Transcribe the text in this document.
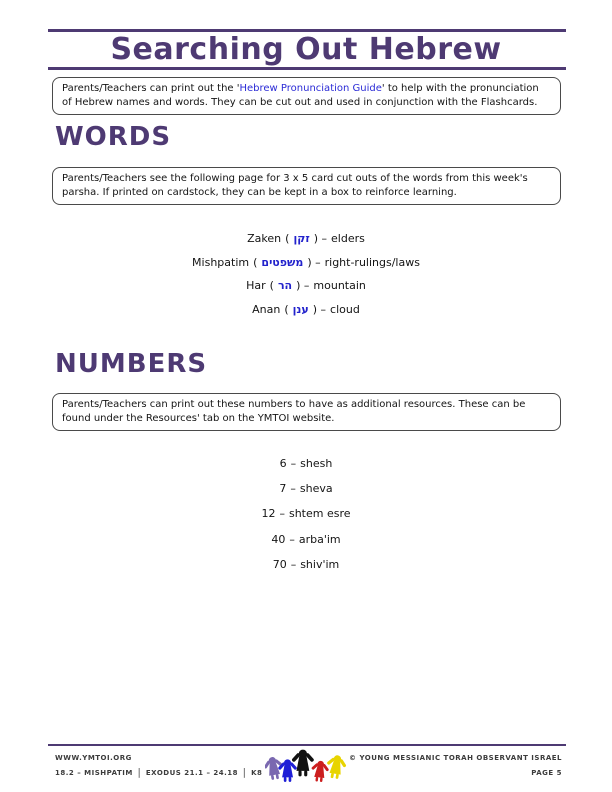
Searching Out Hebrew
Parents/Teachers can print out the 'Hebrew Pronunciation Guide' to help with the pronunciation of Hebrew names and words. They can be cut out and used in conjunction with the Flashcards.
WORDS
Parents/Teachers see the following page for 3 x 5 card cut outs of the words from this week's parsha. If printed on cardstock, they can be kept in a box to reinforce learning.
Zaken ( זקן ) – elders
Mishpatim ( משפטים ) – right-rulings/laws
Har ( הר ) – mountain
Anan ( ענן ) – cloud
NUMBERS
Parents/Teachers can print out these numbers to have as additional resources. These can be found under the Resources' tab on the YMTOI website.
6 – shesh
7 – sheva
12 – shtem esre
40 – arba'im
70 – shiv'im
WWW.YMTOI.ORG
18.2 – MISHPATIM | EXODUS 21.1 – 24.18 | K8
© YOUNG MESSIANIC TORAH OBSERVANT ISRAEL
PAGE 5
